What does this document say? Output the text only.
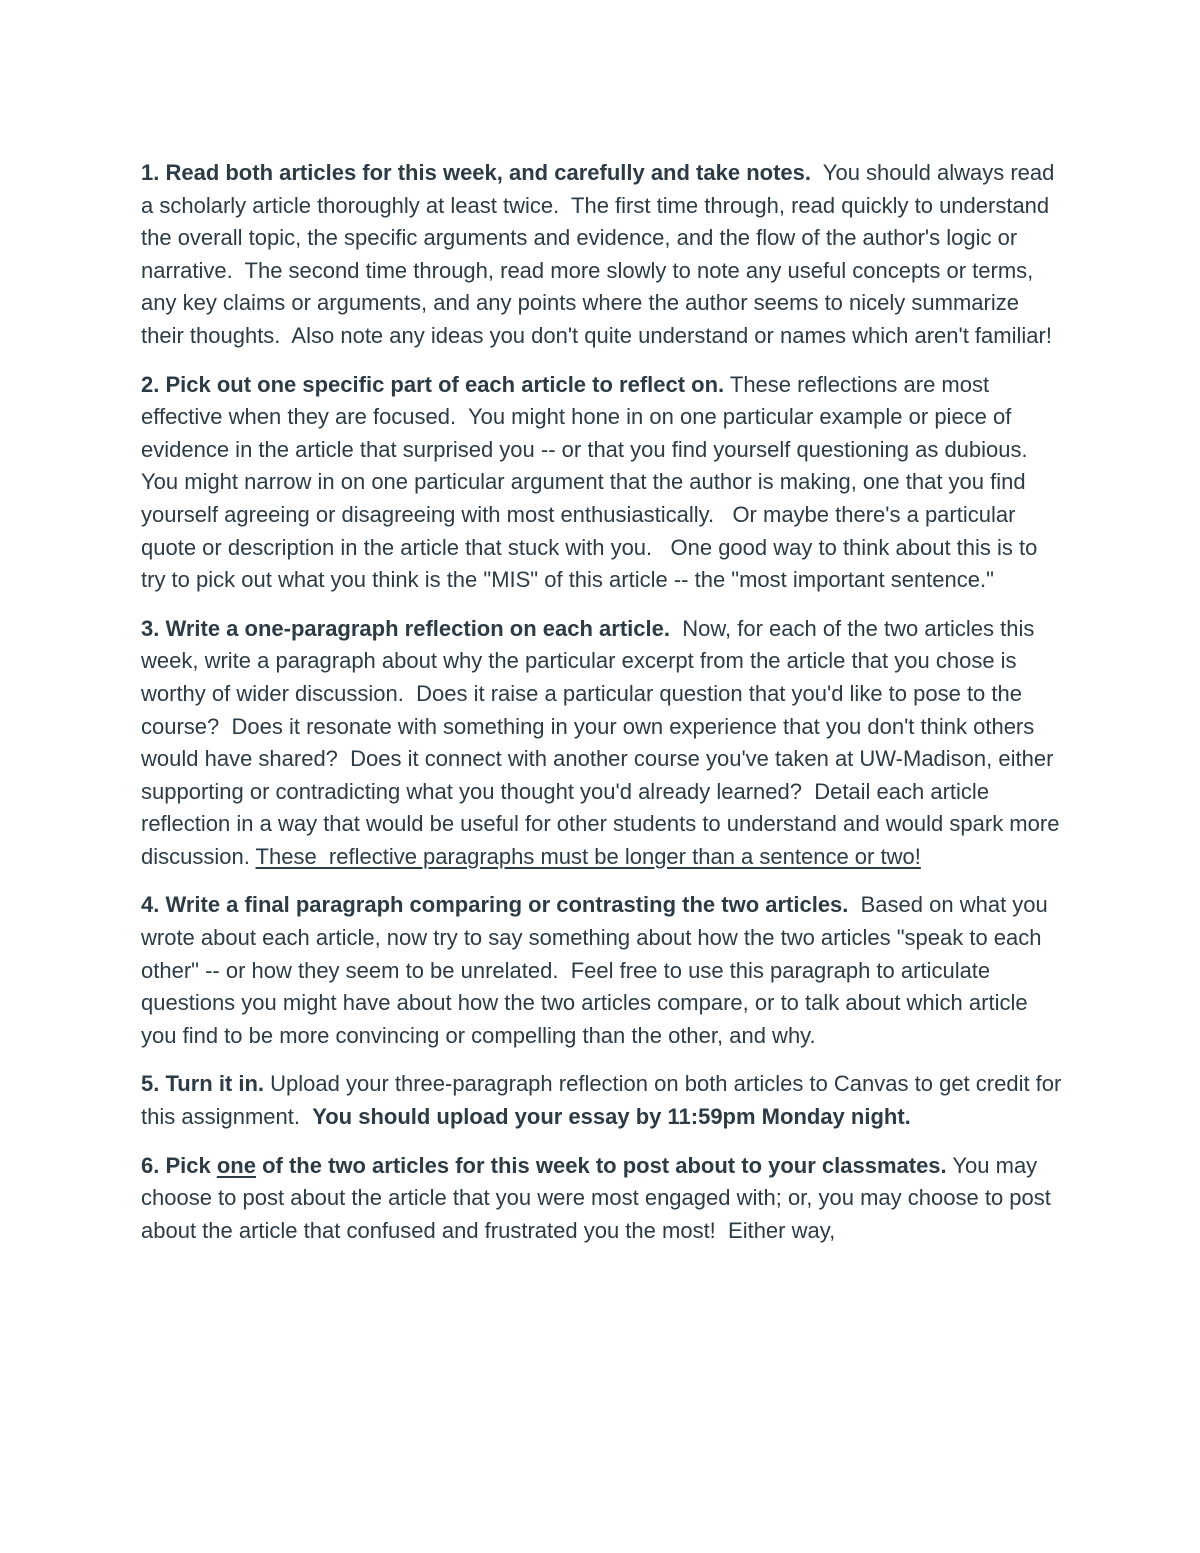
1. Read both articles for this week, and carefully and take notes.  You should always read a scholarly article thoroughly at least twice.  The first time through, read quickly to understand the overall topic, the specific arguments and evidence, and the flow of the author's logic or narrative.  The second time through, read more slowly to note any useful concepts or terms, any key claims or arguments, and any points where the author seems to nicely summarize their thoughts.  Also note any ideas you don't quite understand or names which aren't familiar!

2. Pick out one specific part of each article to reflect on. These reflections are most effective when they are focused.  You might hone in on one particular example or piece of evidence in the article that surprised you -- or that you find yourself questioning as dubious.   You might narrow in on one particular argument that the author is making, one that you find yourself agreeing or disagreeing with most enthusiastically.   Or maybe there's a particular quote or description in the article that stuck with you.   One good way to think about this is to try to pick out what you think is the "MIS" of this article -- the "most important sentence."

3. Write a one-paragraph reflection on each article.  Now, for each of the two articles this week, write a paragraph about why the particular excerpt from the article that you chose is worthy of wider discussion.  Does it raise a particular question that you'd like to pose to the course?  Does it resonate with something in your own experience that you don't think others would have shared?  Does it connect with another course you've taken at UW-Madison, either supporting or contradicting what you thought you'd already learned?  Detail each article reflection in a way that would be useful for other students to understand and would spark more discussion. These  reflective paragraphs must be longer than a sentence or two!

4. Write a final paragraph comparing or contrasting the two articles.  Based on what you wrote about each article, now try to say something about how the two articles "speak to each other" -- or how they seem to be unrelated.  Feel free to use this paragraph to articulate questions you might have about how the two articles compare, or to talk about which article you find to be more convincing or compelling than the other, and why.

5. Turn it in. Upload your three-paragraph reflection on both articles to Canvas to get credit for this assignment.  You should upload your essay by 11:59pm Monday night.

6. Pick one of the two articles for this week to post about to your classmates. You may choose to post about the article that you were most engaged with; or, you may choose to post about the article that confused and frustrated you the most!  Either way,
